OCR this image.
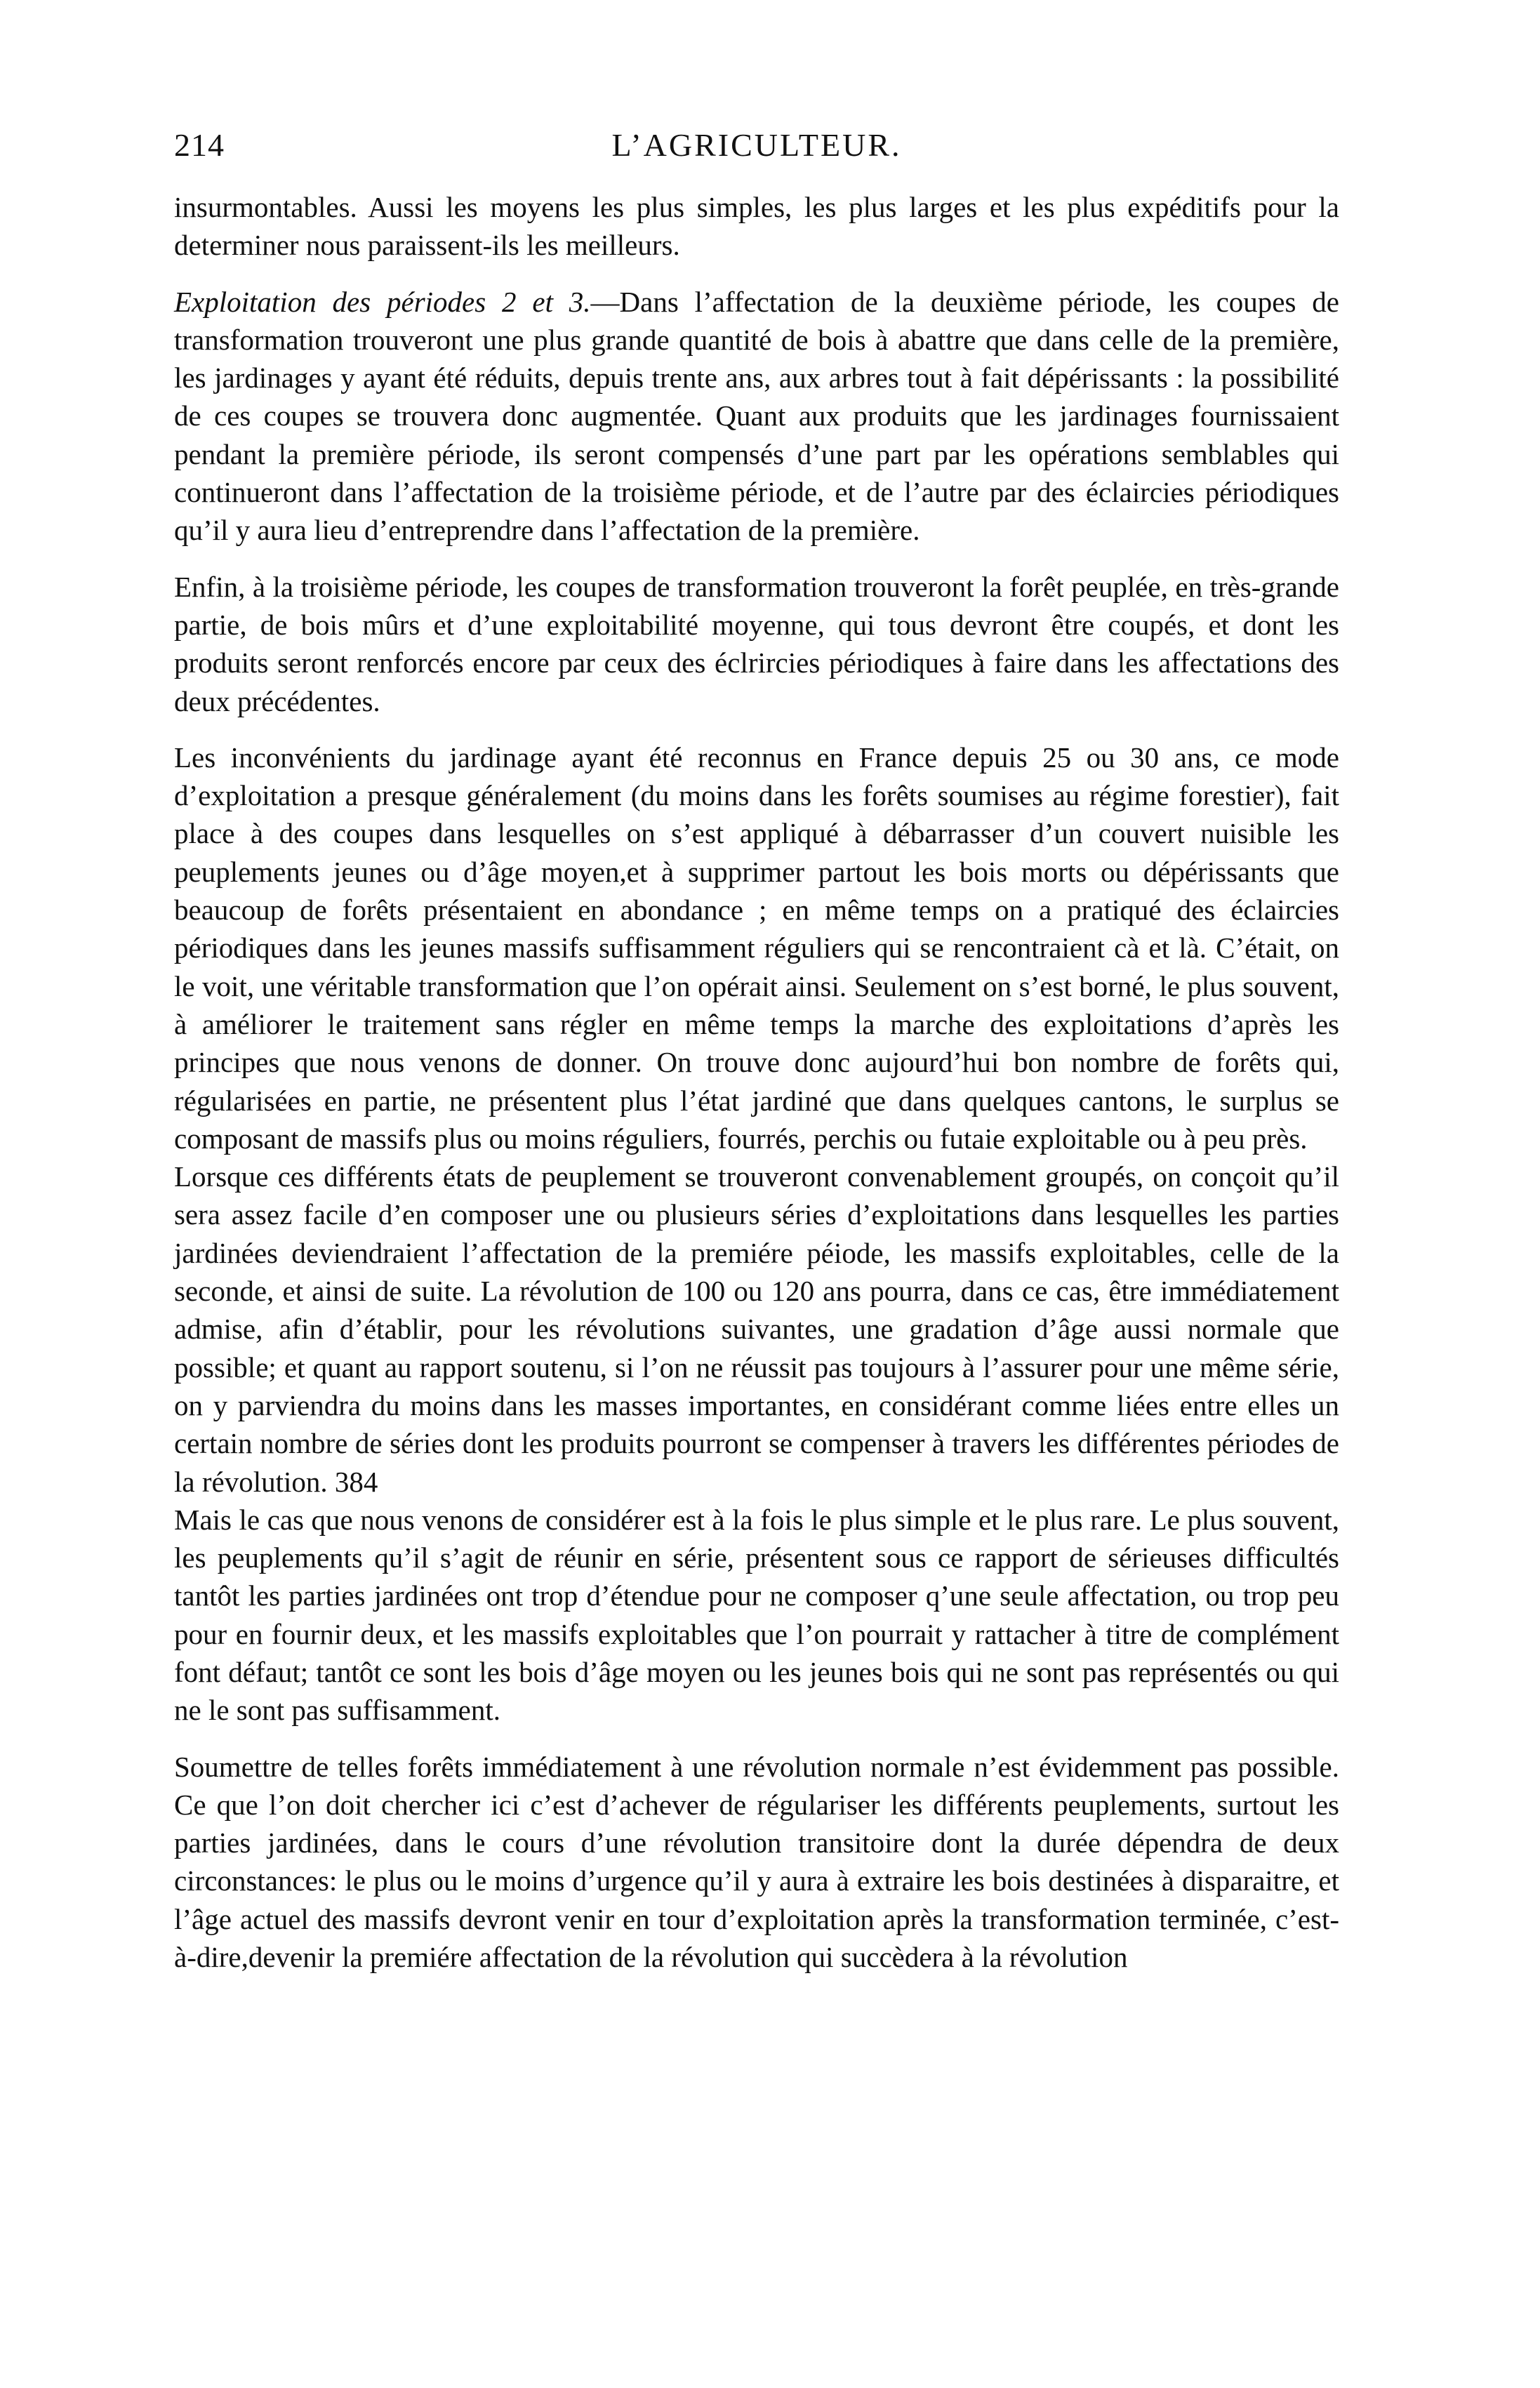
214	L’AGRICULTEUR.

insurmontables. Aussi les moyens les plus simples, les plus larges et les plus expéditifs pour la determiner nous paraissent-ils les meilleurs.

Exploitation des périodes 2 et 3.—Dans l’affectation de la deuxième période, les coupes de transformation trouveront une plus grande quantité de bois à abattre que dans celle de la première, les jardinages y ayant été réduits, depuis trente ans, aux arbres tout à fait dépérissants : la possibilité de ces coupes se trouvera donc augmentée. Quant aux produits que les jardinages fournissaient pendant la première période, ils seront compensés d’une part par les opérations semblables qui continueront dans l’affectation de la troisième période, et de l’autre par des éclaircies périodiques qu’il y aura lieu d’entreprendre dans l’affectation de la première.

Enfin, à la troisième période, les coupes de transformation trouveront la forêt peuplée, en très-grande partie, de bois mûrs et d’une exploitabilité moyenne, qui tous devront être coupés, et dont les produits seront renforcés encore par ceux des éclrircies périodiques à faire dans les affectations des deux précédentes.

Les inconvénients du jardinage ayant été reconnus en France depuis 25 ou 30 ans, ce mode d’exploitation a presque généralement (du moins dans les forêts soumises au régime forestier), fait place à des coupes dans lesquelles on s’est appliqué à débarrasser d’un couvert nuisible les peuplements jeunes ou d’âge moyen,et à supprimer partout les bois morts ou dépérissants que beaucoup de forêts présentaient en abondance ; en même temps on a pratiqué des éclaircies périodiques dans les jeunes massifs suffisamment réguliers qui se rencontraient cà et là. C’était, on le voit, une véritable transformation que l’on opérait ainsi. Seulement on s’est borné, le plus souvent, à améliorer le traitement sans régler en même temps la marche des exploitations d’après les principes que nous venons de donner. On trouve donc aujourd’hui bon nombre de forêts qui, régularisées en partie, ne présentent plus l’état jardiné que dans quelques cantons, le surplus se composant de massifs plus ou moins réguliers, fourrés, perchis ou futaie exploitable ou à peu près.

Lorsque ces différents états de peuplement se trouveront convenablement groupés, on conçoit qu’il sera assez facile d’en composer une ou plusieurs séries d’exploitations dans lesquelles les parties jardinées deviendraient l’affectation de la premiére péiode, les massifs exploitables, celle de la seconde, et ainsi de suite. La révolution de 100 ou 120 ans pourra, dans ce cas, être immédiatement admise, afin d’établir, pour les révolutions suivantes, une gradation d’âge aussi normale que possible; et quant au rapport soutenu, si l’on ne réussit pas toujours à l’assurer pour une même série, on y parviendra du moins dans les masses importantes, en considérant comme liées entre elles un certain nombre de séries dont les produits pourront se compenser à travers les différentes périodes de la révolution. 384

Mais le cas que nous venons de considérer est à la fois le plus simple et le plus rare. Le plus souvent, les peuplements qu’il s’agit de réunir en série, présentent sous ce rapport de sérieuses difficultés tantôt les parties jardinées ont trop d’étendue pour ne composer q’une seule affectation, ou trop peu pour en fournir deux, et les massifs exploitables que l’on pourrait y rattacher à titre de complément font défaut; tantôt ce sont les bois d’âge moyen ou les jeunes bois qui ne sont pas représentés ou qui ne le sont pas suffisamment.

Soumettre de telles forêts immédiatement à une révolution normale n’est évidemment pas possible. Ce que l’on doit chercher ici c’est d’achever de régulariser les différents peuplements, surtout les parties jardinées, dans le cours d’une révolution transitoire dont la durée dépendra de deux circonstances: le plus ou le moins d’urgence qu’il y aura à extraire les bois destinées à disparaitre, et l’âge actuel des massifs devront venir en tour d’exploitation après la transformation terminée, c’est-à-dire,devenir la premiére affectation de la révolution qui succèdera à la révolution
